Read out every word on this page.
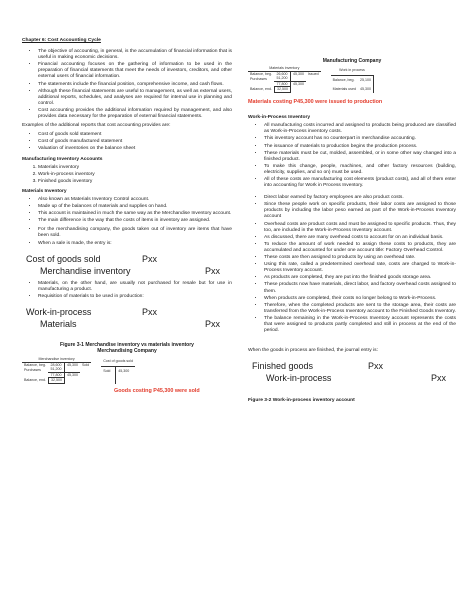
Chapter 6: Cost Accounting Cycle
• The objective of accounting, in general, is the accumulation of financial information that is useful in making economic decisions.
• Financial accounting focuses on the gathering of information to be used in the preparation of financial statements that meet the needs of investors, creditors, and other external users of financial information.
• The statements include the financial position, comprehensive income, and cash flows.
• Although these financial statements are useful to management, as well as external users, additional reports, schedules, and analyses are required for internal use in planning and control.
• Cost accounting provides the additional information required by management, and also provides data necessary for the preparation of external financial statements.

Examples of the additional reports that cost accounting provides are:

• Cost of goods sold statement
• Cost of goods manufactured statement
• Valuation of inventories on the balance sheet
Manufacturing Inventory Accounts
1. Materials inventory
2. Work-in-process inventory
3. Finished goods inventory
Materials Inventory
• Also known as Materials Inventory Control account.
• Made up of the balances of materials and supplies on hand.
• This account is maintained in much the same way as the Merchandise Inventory account.
• The main difference is the way that the costs of items in inventory are assigned.
• For the merchandising company, the goods taken out of inventory are items that have been sold.
• When a sale is made, the entry is:
Cost of goods sold	Pxx
Merchandise inventory	Pxx
• Materials, on the other hand, are usually not purchased for resale but for use in manufacturing a product.
• Requisition of materials to be used in production:
Work-in-process	Pxx
Materials	Pxx
Figure 3-1 Merchandise inventory vs materials inventory
Merchandising Company
Merchandise inventory			
Balance, beg.	28,600	45,300	Sold
Purchases	51,200		
	77,800	45,300	
Balance, end.	32,500		
Cost of goods sold	
Sold	45,300

Goods costing P45,300 were sold
Manufacturing Company
Materials inventory			
Balance, beg.	26,600	45,300	Issued
Purchases	51,200		
	77,800	45,300	
Balance, end.	32,500		
Work in process	
Balance, beg.	25,100
Materials used	45,300
Materials costing P45,300 were issued to production
Work-in-Process Inventory
• All manufacturing costs incurred and assigned to products being produced are classified as Work-in-Process inventory costs.
• This inventory account has no counterpart in merchandise accounting.
• The issuance of materials to production begins the production process.
• These materials must be cut, molded, assembled, or in some other way changed into a finished product.
• To make this change, people, machines, and other factory resources (building, electricity, supplies, and so on) must be used.
• All of these costs are manufacturing cost elements (product costs), and all of them enter into accounting for Work in Process Inventory.
• Direct labor earned by factory employees are also product costs.
• Since these people work on specific products, their labor costs are assigned to those products by including the labor peso earned as part of the Work-in-Process Inventory account
• Overhead costs are product costs and must be assigned to specific products. Thus, they too, are included in the Work-in-Process Inventory account.
• As discussed, there are many overhead costs to account for on an individual basis.
• To reduce the amount of work needed to assign these costs to products, they are accumulated and accounted for under one account title: Factory Overhead Control.
• These costs are then assigned to products by using an overhead rate.
• Using this rate, called a predetermined overhead rate, costs are charged to Work-in-Process Inventory account.
• As products are completed, they are put into the finished goods storage area.
• These products now have materials, direct labor, and factory overhead costs assigned to them.
• When products are completed, their costs no longer belong to Work-in-Process.
• Therefore, when the completed products are sent to the storage area, their costs are transferred from the Work-in-Process Inventory account to the Finished Goods Inventory.
• The balance remaining in the Work-in-Process Inventory account represents the costs that were assigned to products partly completed and still in process at the end of the period.

When the goods in process are finished, the journal entry is:

Finished goods	Pxx
Work-in-process	Pxx
Figure 3-2 Work-in-process inventory account
